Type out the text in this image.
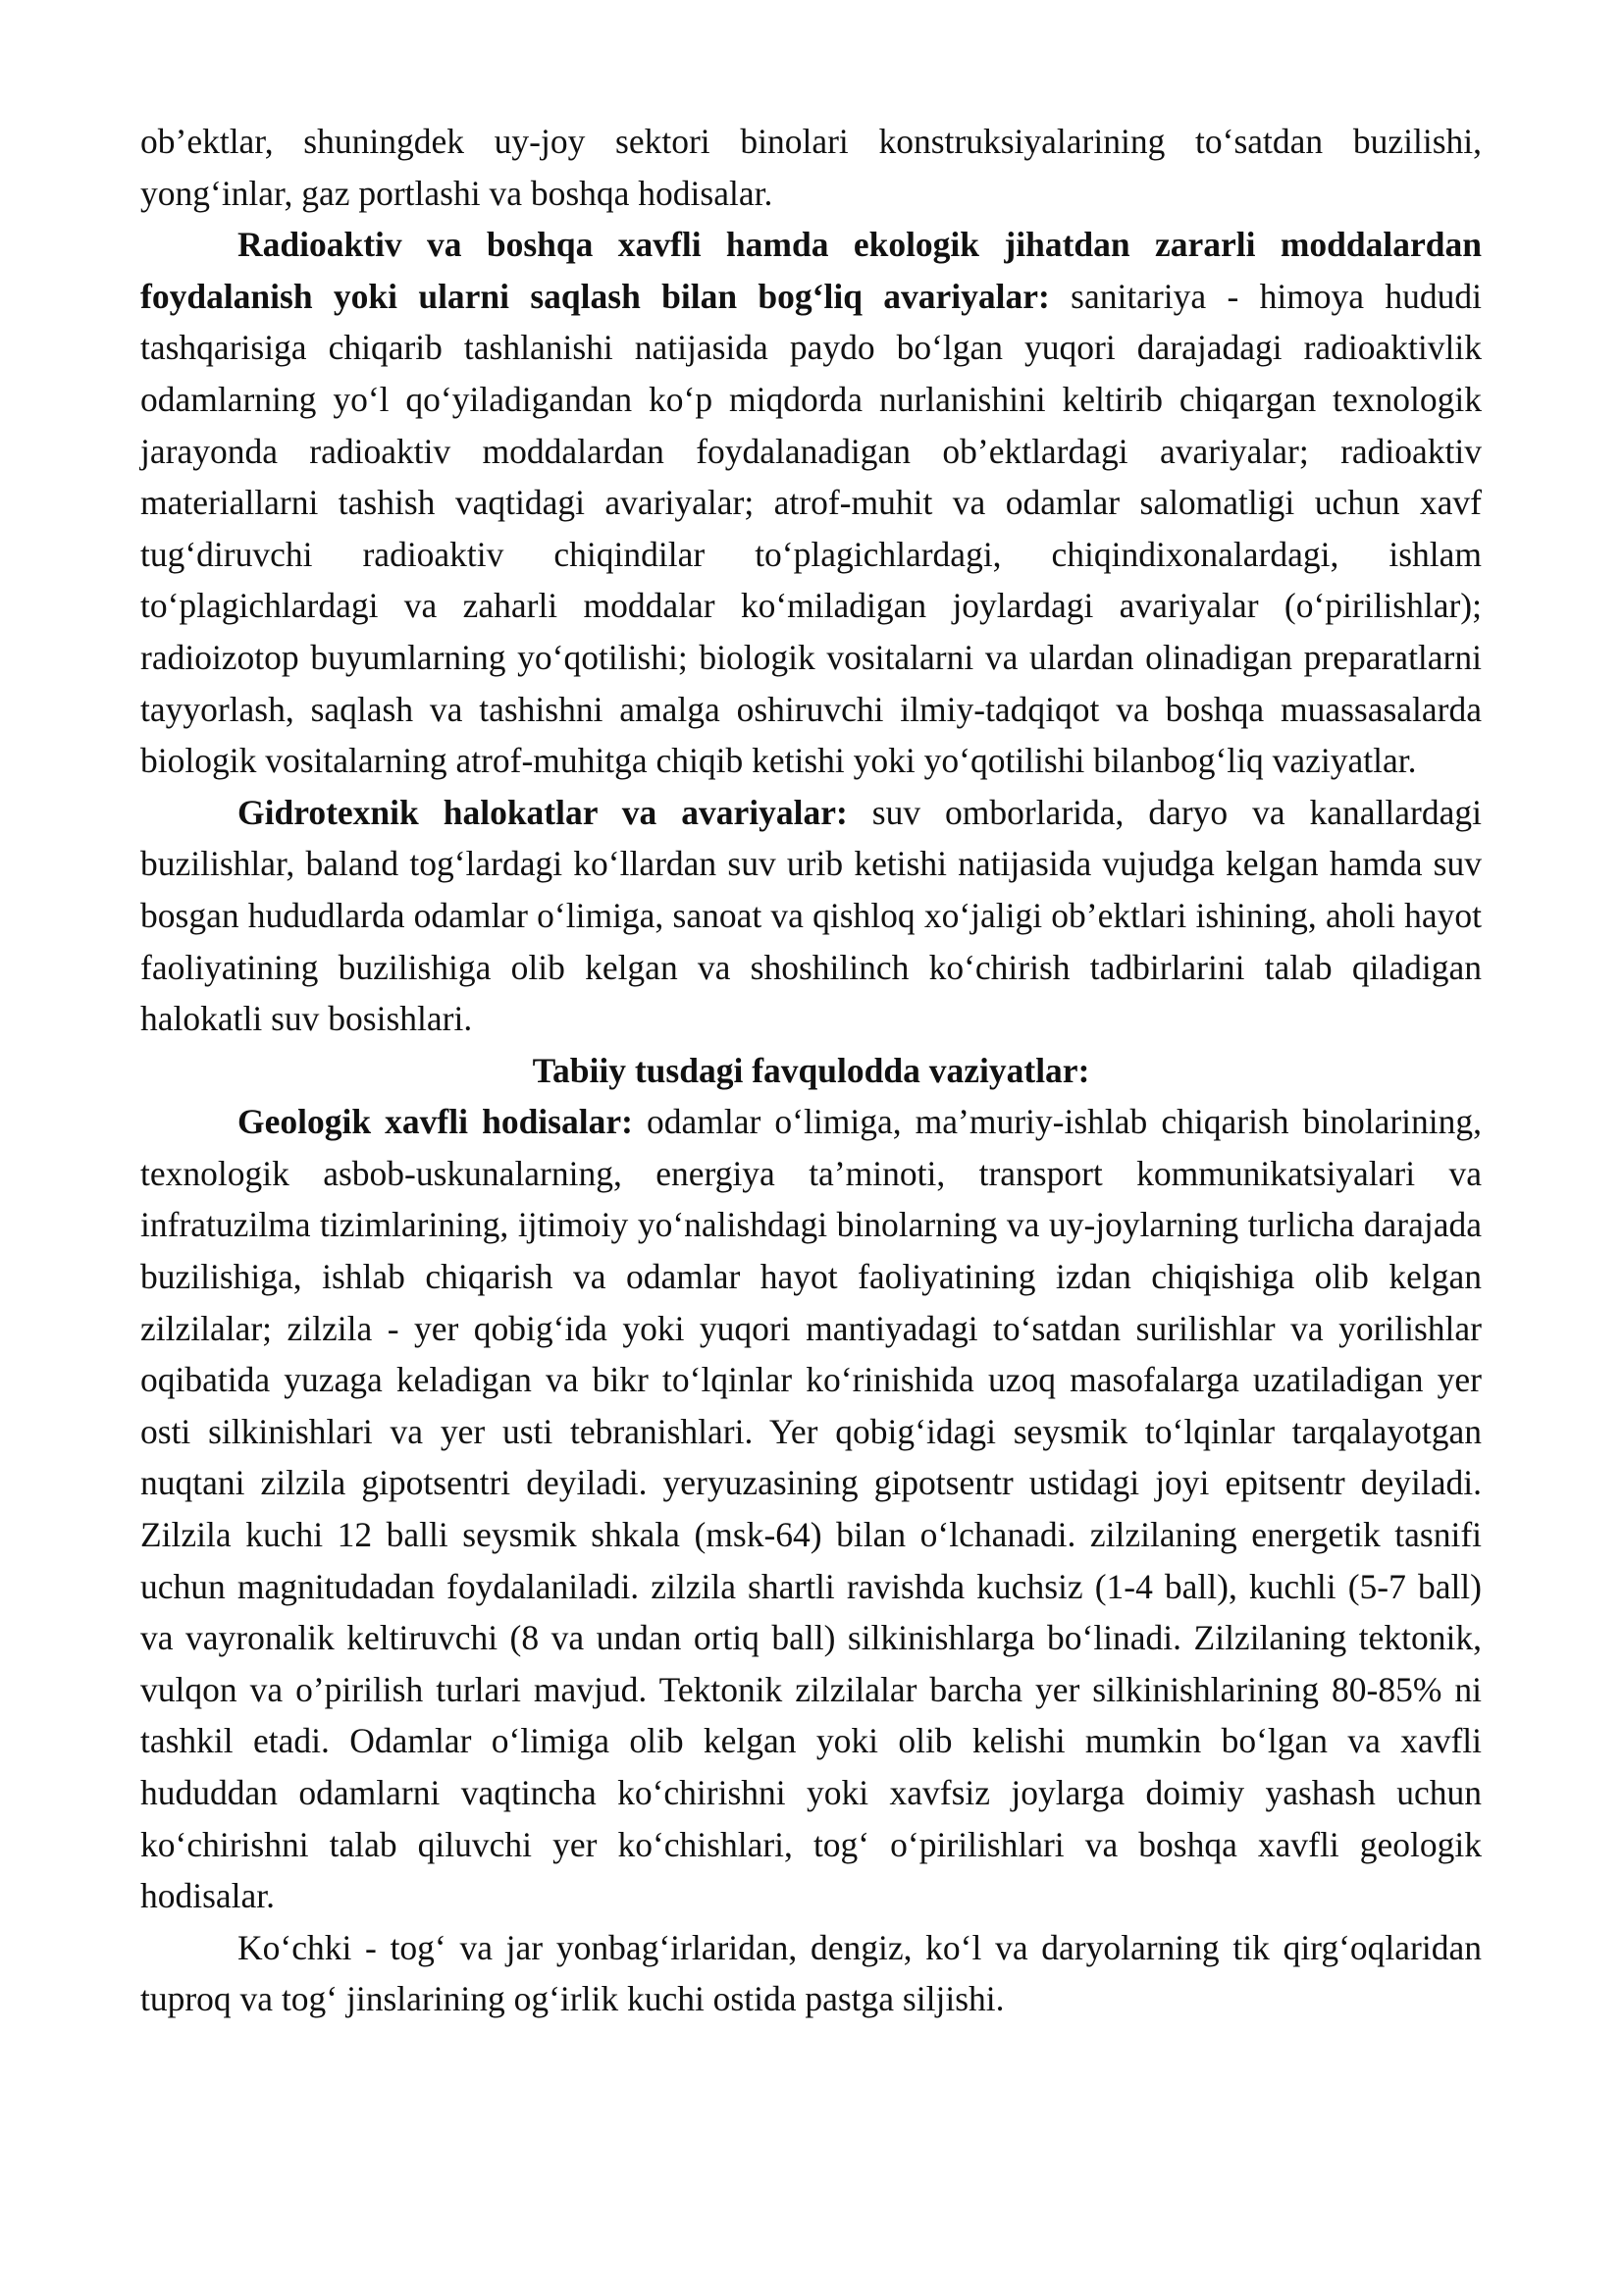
ob’ektlar, shuningdek uy-joy sektori binolari konstruksiyalarining to‘satdan buzilishi, yong‘inlar, gaz portlashi va boshqa hodisalar.

Radioaktiv va boshqa xavfli hamda ekologik jihatdan zararli moddalardan foydalanish yoki ularni saqlash bilan bog‘liq avariyalar: sanitariya - himoya hududi tashqarisiga chiqarib tashlanishi natijasida paydo bo‘lgan yuqori darajadagi radioaktivlik odamlarning yo‘l qo‘yiladigandan ko‘p miqdorda nurlanishini keltirib chiqargan texnologik jarayonda radioaktiv moddalardan foydalanadigan ob’ektlardagi avariyalar; radioaktiv materiallarni tashish vaqtidagi avariyalar; atrof-muhit va odamlar salomatligi uchun xavf tug‘diruvchi radioaktiv chiqindilar to‘plagichlardagi, chiqindixonalardagi, ishlam to‘plagichlardagi va zaharli moddalar ko‘miladigan joylardagi avariyalar (o‘pirilishlar); radioizotop buyumlarning yo‘qotilishi; biologik vositalarni va ulardan olinadigan preparatlarni tayyorlash, saqlash va tashishni amalga oshiruvchi ilmiy-tadqiqot va boshqa muassasalarda biologik vositalarning atrof-muhitga chiqib ketishi yoki yo‘qotilishi bilanbog‘liq vaziyatlar.

Gidrotexnik halokatlar va avariyalar: suv omborlarida, daryo va kanallardagi buzilishlar, baland tog‘lardagi ko‘llardan suv urib ketishi natijasida vujudga kelgan hamda suv bosgan hududlarda odamlar o‘limiga, sanoat va qishloq xo‘jaligi ob’ektlari ishining, aholi hayot faoliyatining buzilishiga olib kelgan va shoshilinch ko‘chirish tadbirlarini talab qiladigan halokatli suv bosishlari.

Tabiiy tusdagi favqulodda vaziyatlar:

Geologik xavfli hodisalar: odamlar o‘limiga, ma’muriy-ishlab chiqarish binolarining, texnologik asbob-uskunalarning, energiya ta’minoti, transport kommunikatsiyalari va infratuzilma tizimlarining, ijtimoiy yo‘nalishdagi binolarning va uy-joylarning turlicha darajada buzilishiga, ishlab chiqarish va odamlar hayot faoliyatining izdan chiqishiga olib kelgan zilzilalar; zilzila - yer qobig‘ida yoki yuqori mantiyadagi to‘satdan surilishlar va yorilishlar oqibatida yuzaga keladigan va bikr to‘lqinlar ko‘rinishida uzoq masofalarga uzatiladigan yer osti silkinishlari va yer usti tebranishlari. Yer qobig‘idagi seysmik to‘lqinlar tarqalayotgan nuqtani zilzila gipotsentri deyiladi. yeryuzasining gipotsentr ustidagi joyi epitsentr deyiladi. Zilzila kuchi 12 balli seysmik shkala (msk-64) bilan o‘lchanadi. zilzilaning energetik tasnifi uchun magnitudadan foydalaniladi. zilzila shartli ravishda kuchsiz (1-4 ball), kuchli (5-7 ball) va vayronalik keltiruvchi (8 va undan ortiq ball) silkinishlarga bo‘linadi. Zilzilaning tektonik, vulqon va o’pirilish turlari mavjud. Tektonik zilzilalar barcha yer silkinishlarining 80-85% ni tashkil etadi. Odamlar o‘limiga olib kelgan yoki olib kelishi mumkin bo‘lgan va xavfli hududdan odamlarni vaqtincha ko‘chirishni yoki xavfsiz joylarga doimiy yashash uchun ko‘chirishni talab qiluvchi yer ko‘chishlari, tog‘ o‘pirilishlari va boshqa xavfli geologik hodisalar.

Ko‘chki - tog‘ va jar yonbag‘irlaridan, dengiz, ko‘l va daryolarning tik qirg‘oqlaridan tuproq va tog‘ jinslarining og‘irlik kuchi ostida pastga siljishi.
